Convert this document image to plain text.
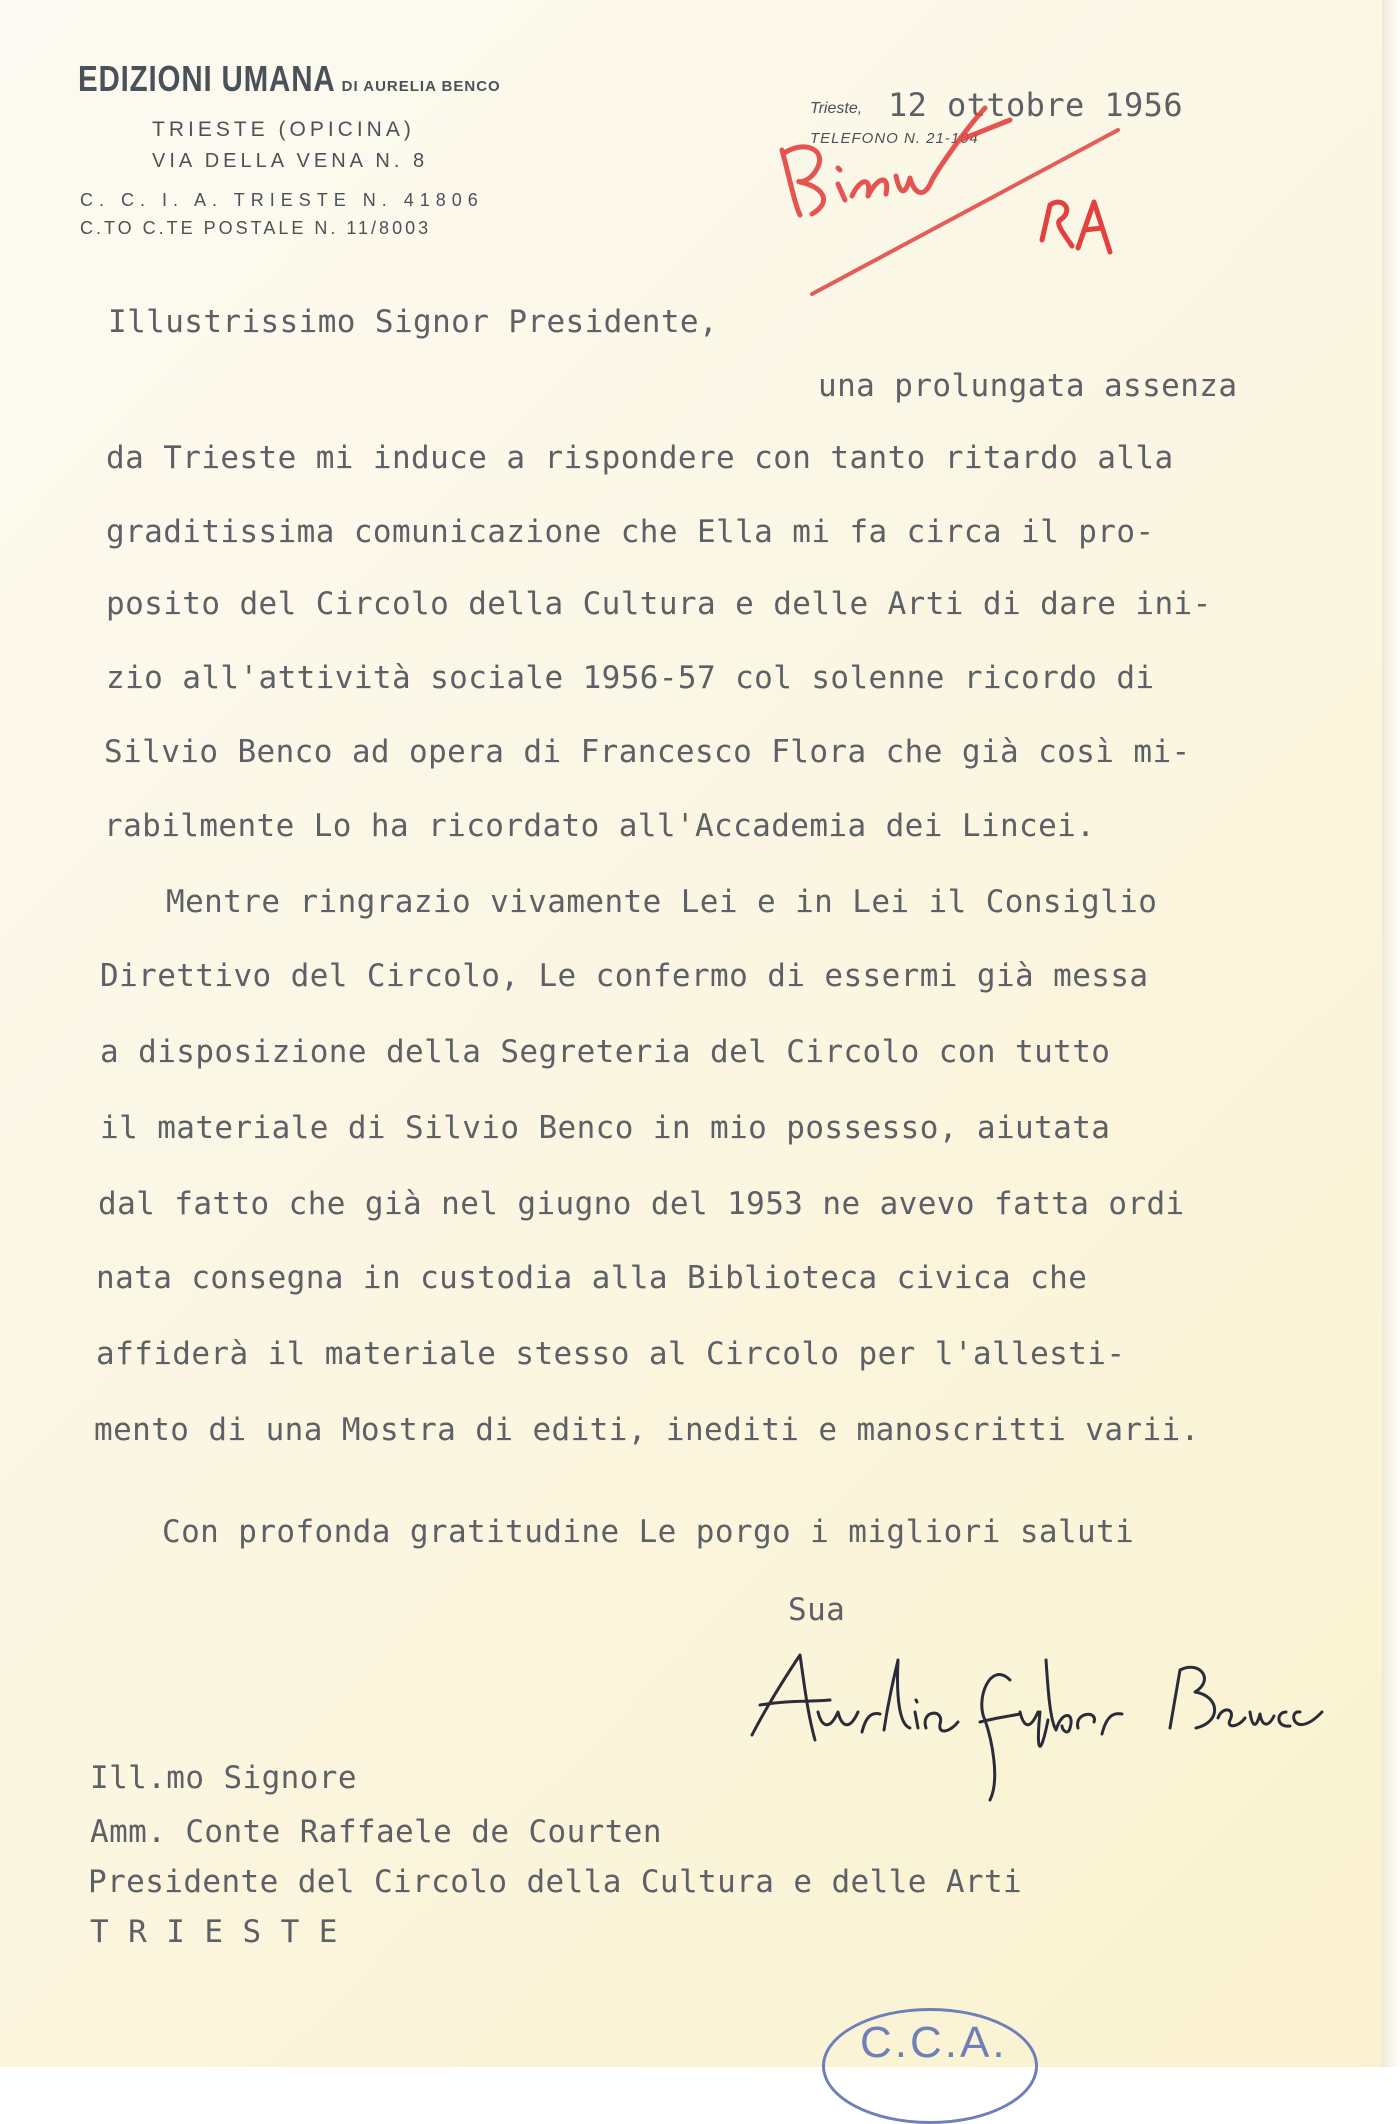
EDIZIONI UMANA DI AURELIA BENCO
TRIESTE (OPICINA)
VIA DELLA VENA N. 8
C. C. I. A. TRIESTE N. 41806
C.TO C.TE POSTALE N. 11/8003
Trieste, 12 ottobre 1956
TELEFONO N. 21-104
Illustrissimo Signor Presidente,
una prolungata assenza
da Trieste mi induce a rispondere con tanto ritardo alla
graditissima comunicazione che Ella mi fa circa il pro-
posito del Circolo della Cultura e delle Arti di dare ini-
zio all'attività sociale 1956-57 col solenne ricordo di
Silvio Benco ad opera di Francesco Flora che già così mi-
rabilmente Lo ha ricordato all'Accademia dei Lincei.
Mentre ringrazio vivamente Lei e in Lei il Consiglio
Direttivo del Circolo, Le confermo di essermi già messa
a disposizione della Segreteria del Circolo con tutto
il materiale di Silvio Benco in mio possesso, aiutata
dal fatto che già nel giugno del 1953 ne avevo fatta ordi
nata consegna in custodia alla Biblioteca civica che
affiderà il materiale stesso al Circolo per l'allesti-
mento di una Mostra di editi, inediti e manoscritti varii.
Con profonda gratitudine Le porgo i migliori saluti
Sua
Ill.mo Signore
Amm. Conte Raffaele de Courten
Presidente del Circolo della Cultura e delle Arti
T R I E S T E
C.C.A.
